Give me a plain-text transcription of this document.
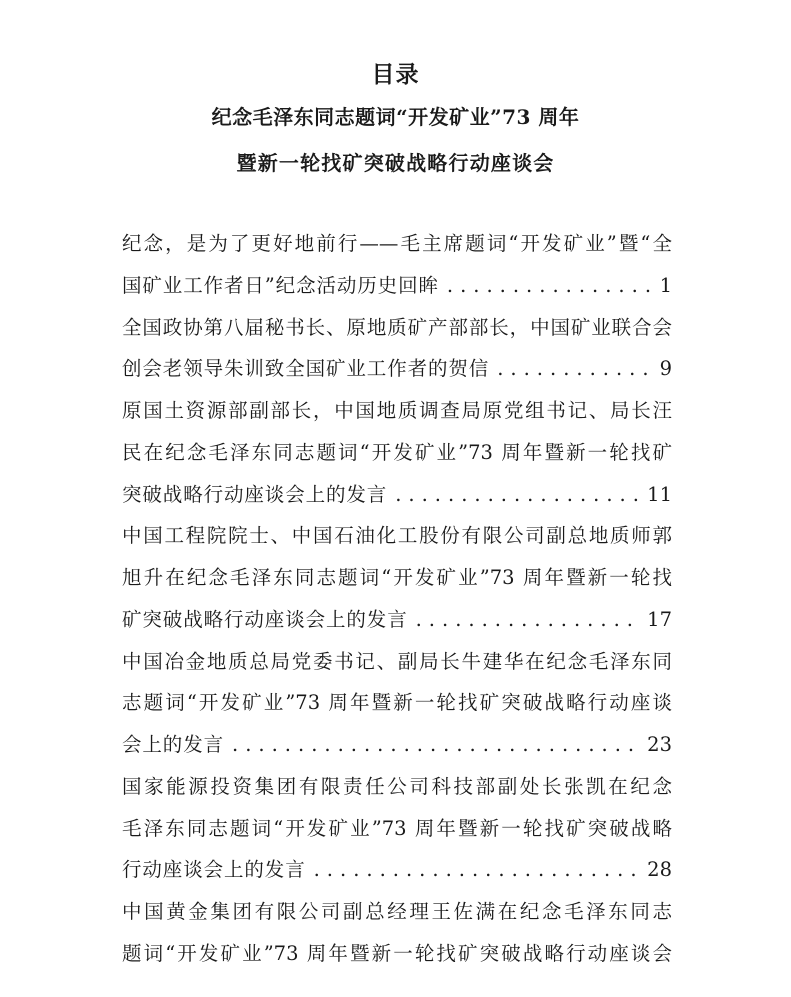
目录
纪念毛泽东同志题词“开发矿业”73 周年
暨新一轮找矿突破战略行动座谈会
纪念，是为了更好地前行——毛主席题词“开发矿业”暨“全
国矿业工作者日”纪念活动历史回眸 . . .	1
全国政协第八届秘书长、原地质矿产部部长，中国矿业联合会
创会老领导朱训致全国矿业工作者的贺信 . . .	9
原国土资源部副部长，中国地质调查局原党组书记、局长汪
民在纪念毛泽东同志题词“开发矿业”73 周年暨新一轮找矿
突破战略行动座谈会上的发言 . . .	11
中国工程院院士、中国石油化工股份有限公司副总地质师郭
旭升在纪念毛泽东同志题词“开发矿业”73 周年暨新一轮找
矿突破战略行动座谈会上的发言 . . .	17
中国冶金地质总局党委书记、副局长牛建华在纪念毛泽东同
志题词“开发矿业”73 周年暨新一轮找矿突破战略行动座谈
会上的发言 . . .	23
国家能源投资集团有限责任公司科技部副处长张凯在纪念
毛泽东同志题词“开发矿业”73 周年暨新一轮找矿突破战略
行动座谈会上的发言 . . .	28
中国黄金集团有限公司副总经理王佐满在纪念毛泽东同志
题词“开发矿业”73 周年暨新一轮找矿突破战略行动座谈会
